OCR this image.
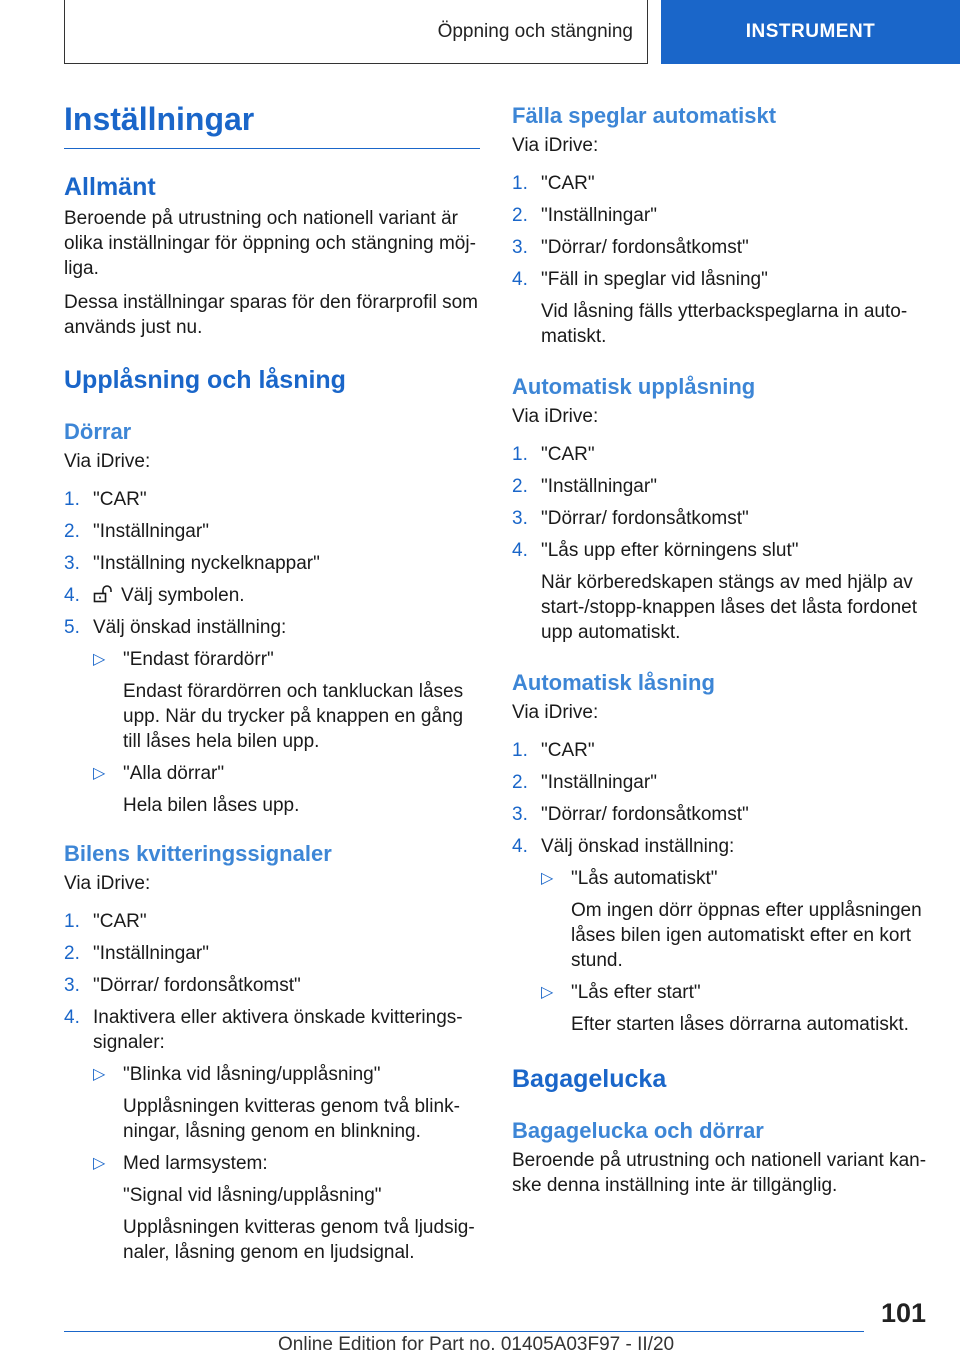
Öppning och stängning	INSTRUMENT
Inställningar
Allmänt

Beroende på utrustning och nationell variant är olika inställningar för öppning och stängning möj-liga.

Dessa inställningar sparas för den förarprofil som används just nu.

Upplåsning och låsning
Dörrar

Via iDrive:

1. "CAR"
2. "Inställningar"
3. "Inställning nyckelknappar"
4. Välj symbolen.
5. Välj önskad inställning:
▷ "Endast förardörr"
Endast förardörren och tankluckan låses upp. När du trycker på knappen en gång till låses hela bilen upp.
▷ "Alla dörrar"
Hela bilen låses upp.
Bilens kvitteringssignaler

Via iDrive:

1. "CAR"
2. "Inställningar"
3. "Dörrar/ fordonsåtkomst"
4. Inaktivera eller aktivera önskade kvitterings-signaler:
▷ "Blinka vid låsning/upplåsning"
Upplåsningen kvitteras genom två blink-ningar, låsning genom en blinkning.
▷ Med larmsystem:
"Signal vid låsning/upplåsning"
Upplåsningen kvitteras genom två ljudsig-naler, låsning genom en ljudsignal.
Fälla speglar automatiskt

Via iDrive:

1. "CAR"
2. "Inställningar"
3. "Dörrar/ fordonsåtkomst"
4. "Fäll in speglar vid låsning"
Vid låsning fälls ytterbackspeglarna in auto-matiskt.
Automatisk upplåsning

Via iDrive:

1. "CAR"
2. "Inställningar"
3. "Dörrar/ fordonsåtkomst"
4. "Lås upp efter körningens slut"
När körberedskapen stängs av med hjälp av start-/stopp-knappen låses det låsta fordonet upp automatiskt.
Automatisk låsning

Via iDrive:

1. "CAR"
2. "Inställningar"
3. "Dörrar/ fordonsåtkomst"
4. Välj önskad inställning:
▷ "Lås automatiskt"
Om ingen dörr öppnas efter upplåsningen låses bilen igen automatiskt efter en kort stund.
▷ "Lås efter start"
Efter starten låses dörrarna automatiskt.
Bagagelucka
Bagagelucka och dörrar

Beroende på utrustning och nationell variant kan-ske denna inställning inte är tillgänglig.

101
Online Edition for Part no. 01405A03F97 - II/20
